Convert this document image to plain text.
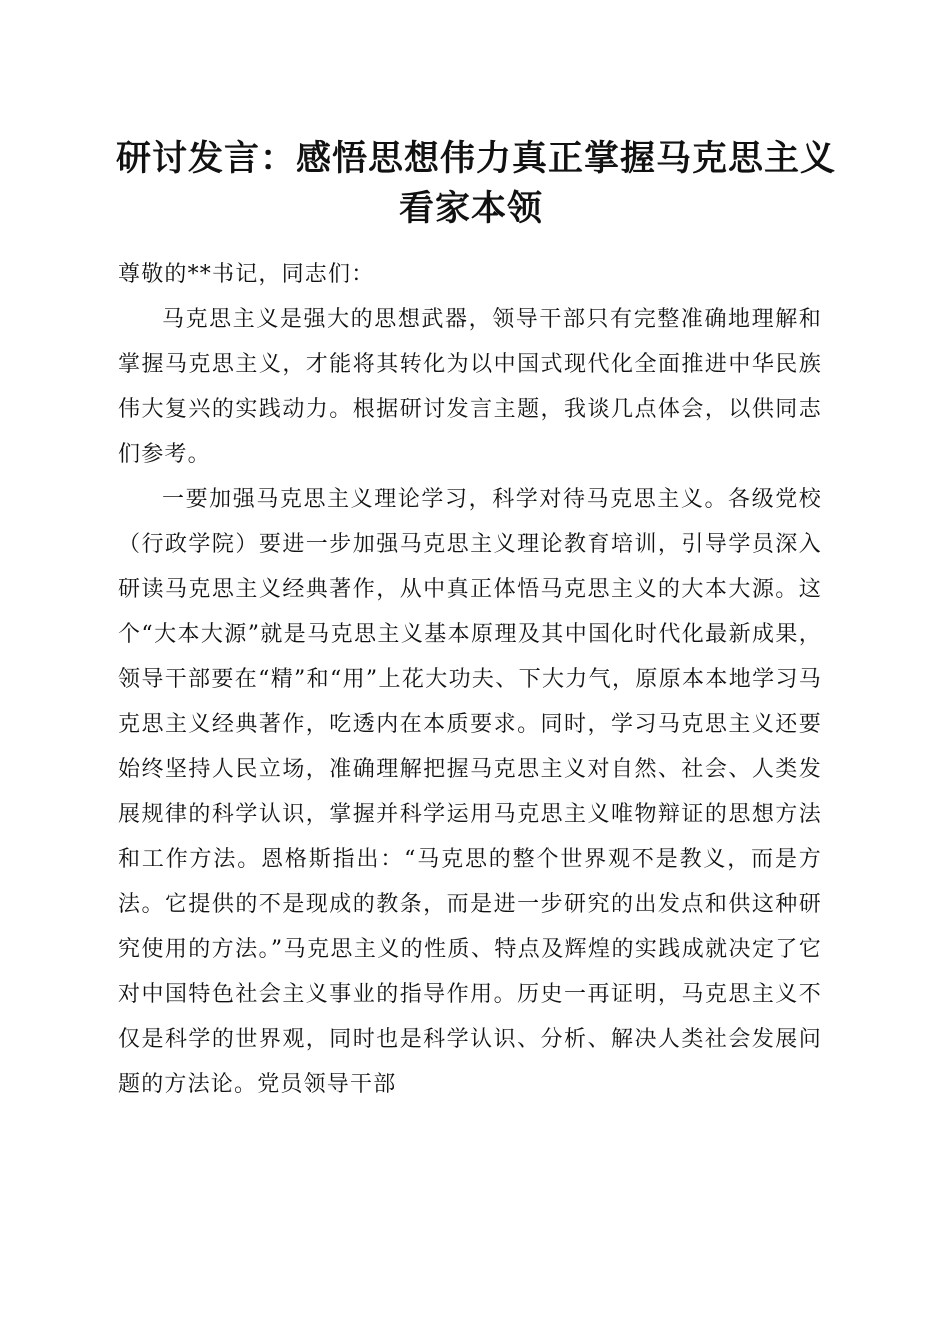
研讨发言：感悟思想伟力真正掌握马克思主义
看家本领

尊敬的**书记，同志们：

马克思主义是强大的思想武器，领导干部只有完整准确地理解和掌握马克思主义，才能将其转化为以中国式现代化全面推进中华民族伟大复兴的实践动力。根据研讨发言主题，我谈几点体会，以供同志们参考。

一要加强马克思主义理论学习，科学对待马克思主义。各级党校（行政学院）要进一步加强马克思主义理论教育培训，引导学员深入研读马克思主义经典著作，从中真正体悟马克思主义的大本大源。这个“大本大源”就是马克思主义基本原理及其中国化时代化最新成果，领导干部要在“精”和“用”上花大功夫、下大力气，原原本本地学习马克思主义经典著作，吃透内在本质要求。同时，学习马克思主义还要始终坚持人民立场，准确理解把握马克思主义对自然、社会、人类发展规律的科学认识，掌握并科学运用马克思主义唯物辩证的思想方法和工作方法。恩格斯指出：“马克思的整个世界观不是教义，而是方法。它提供的不是现成的教条，而是进一步研究的出发点和供这种研究使用的方法。”马克思主义的性质、特点及辉煌的实践成就决定了它对中国特色社会主义事业的指导作用。历史一再证明，马克思主义不仅是科学的世界观，同时也是科学认识、分析、解决人类社会发展问题的方法论。党员领导干部
